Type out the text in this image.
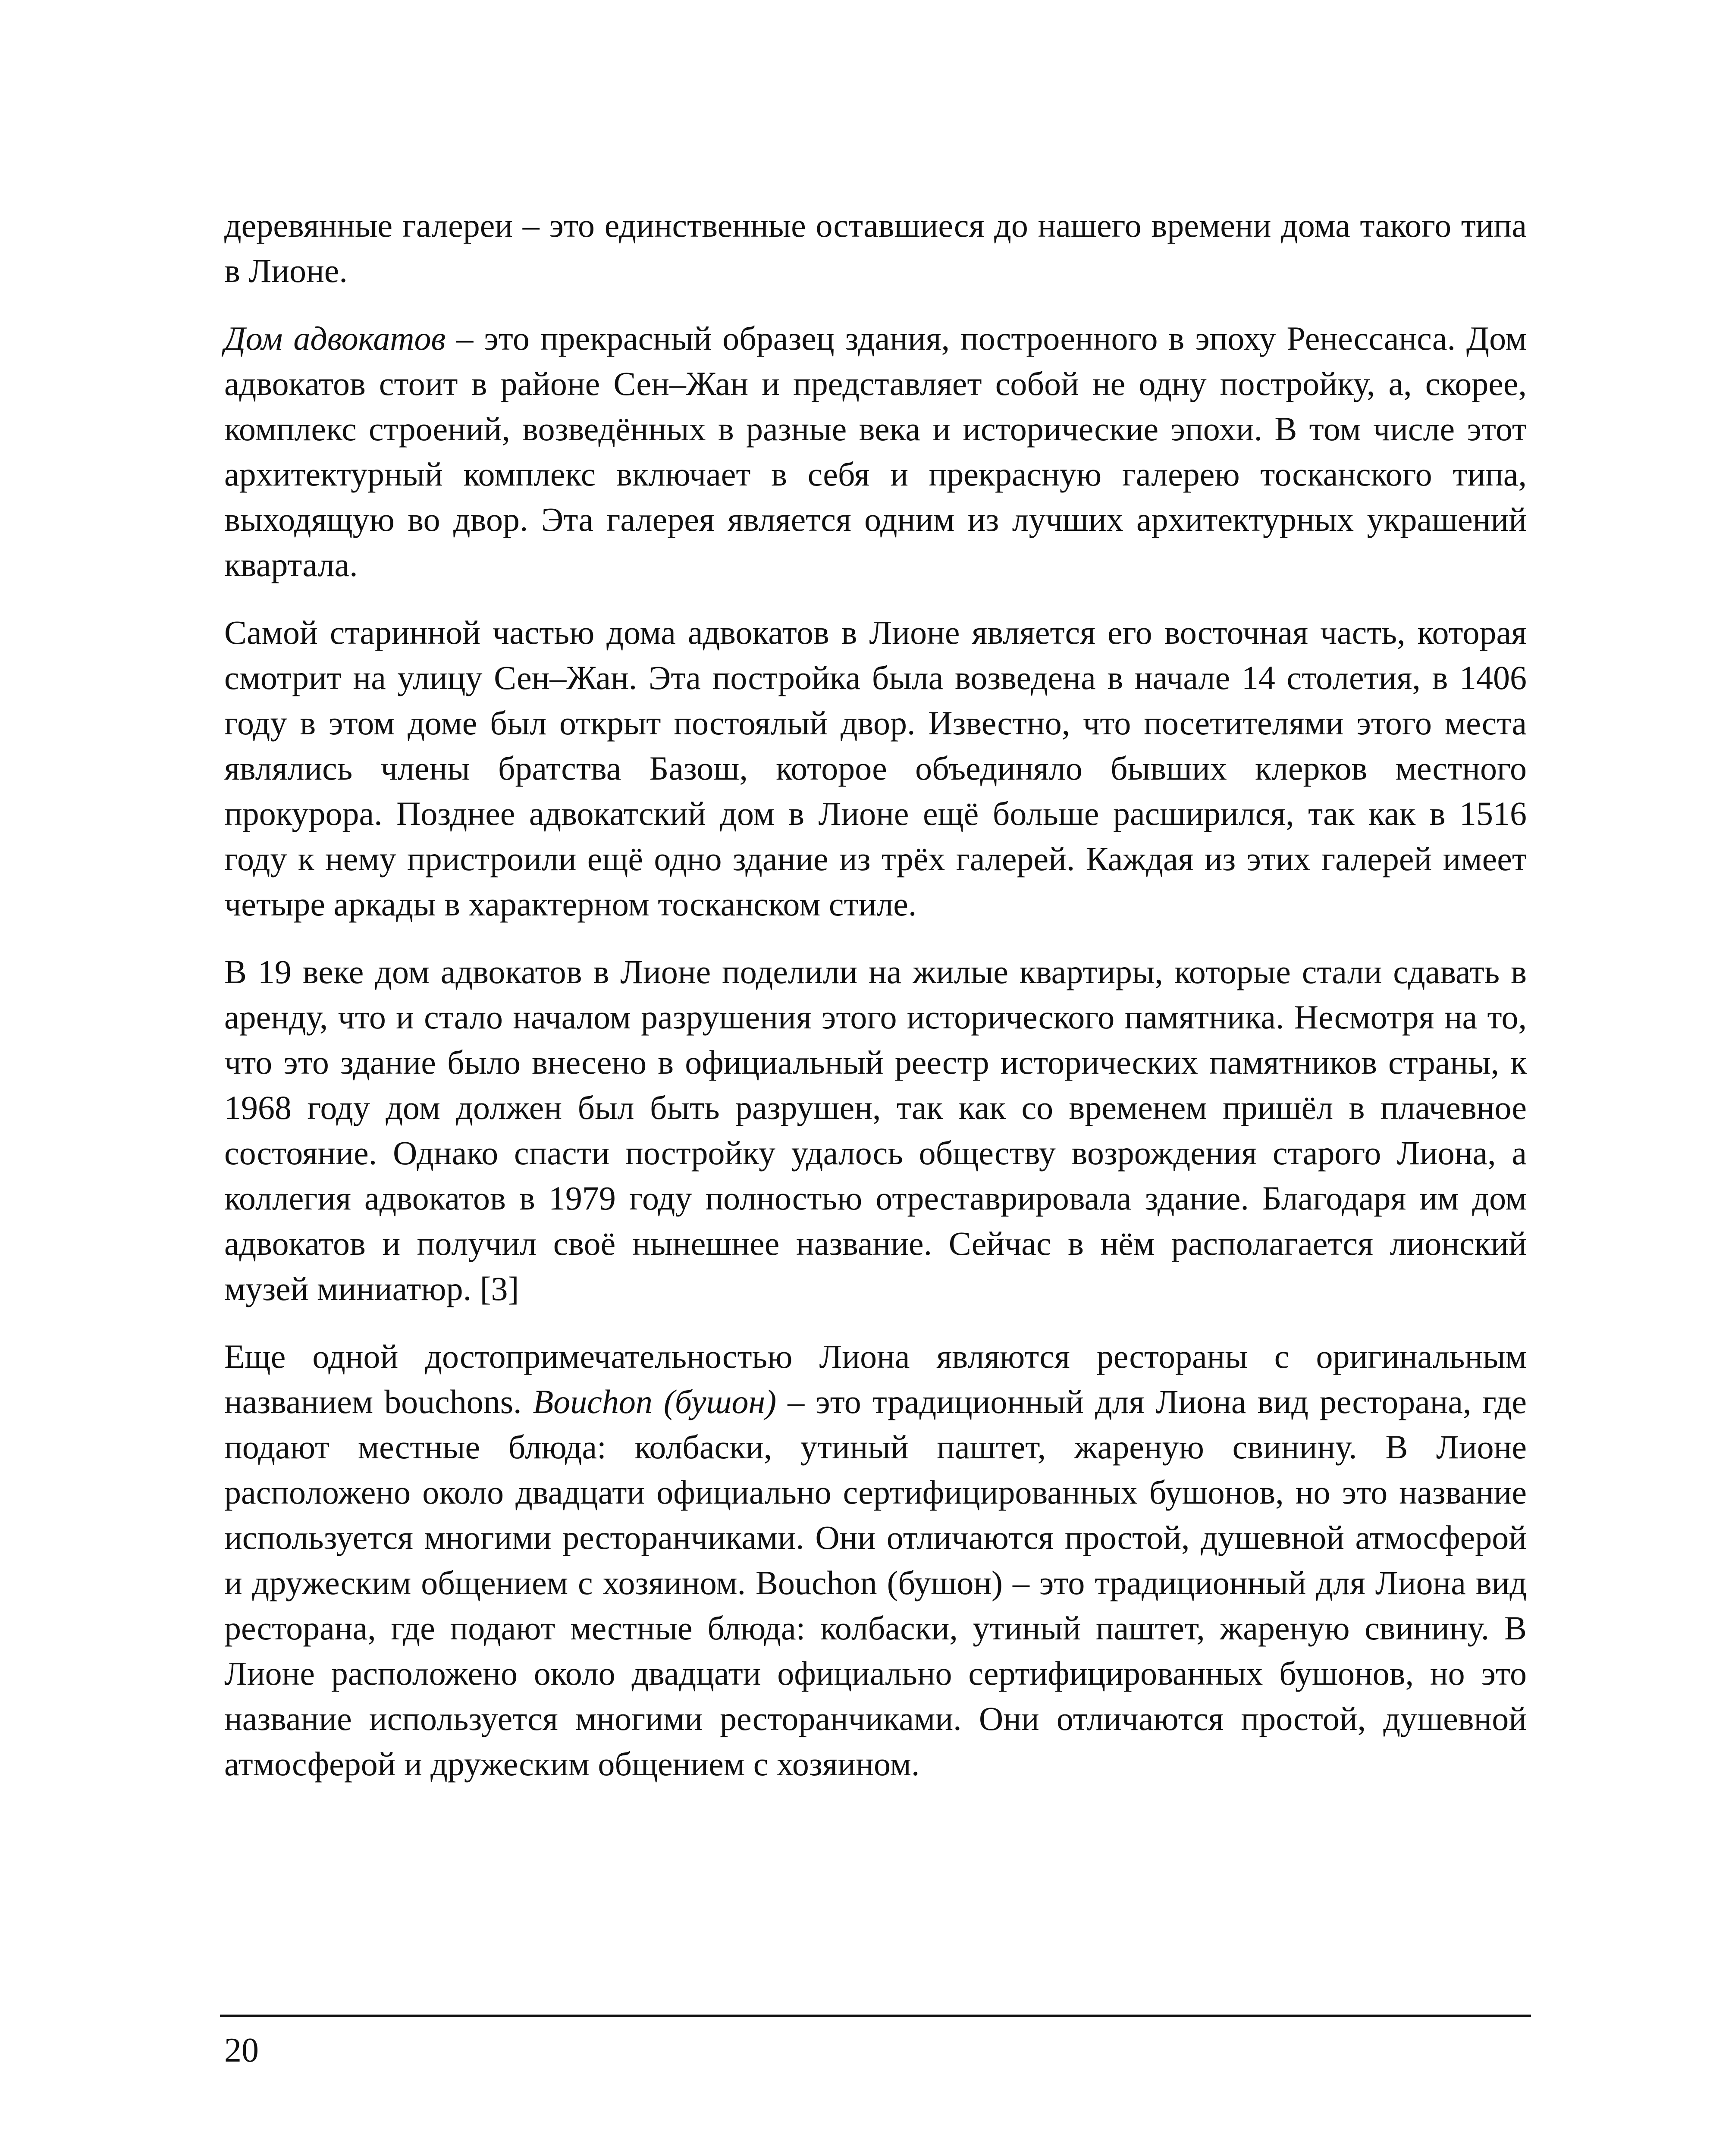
деревянные галереи – это единственные оставшиеся до нашего времени дома такого типа в Лионе.

Дом адвокатов – это прекрасный образец здания, построенного в эпоху Ренессанса. Дом адвокатов стоит в районе Сен–Жан и представляет собой не одну постройку, а, скорее, комплекс строений, возведённых в разные века и исторические эпохи. В том числе этот архитектурный комплекс включает в себя и прекрасную галерею тосканского типа, выходящую во двор. Эта галерея является одним из лучших архитектурных украшений квартала.

Самой старинной частью дома адвокатов в Лионе является его восточная часть, которая смотрит на улицу Сен–Жан. Эта постройка была возведена в начале 14 столетия, в 1406 году в этом доме был открыт постоялый двор. Известно, что посетителями этого места являлись члены братства Базош, которое объединяло бывших клерков местного прокурора. Позднее адвокатский дом в Лионе ещё больше расширился, так как в 1516 году к нему пристроили ещё одно здание из трёх галерей. Каждая из этих галерей имеет четыре аркады в характерном тосканском стиле.

В 19 веке дом адвокатов в Лионе поделили на жилые квартиры, которые стали сдавать в аренду, что и стало началом разрушения этого исторического памятника. Несмотря на то, что это здание было внесено в официальный реестр исторических памятников страны, к 1968 году дом должен был быть разрушен, так как со временем пришёл в плачевное состояние. Однако спасти постройку удалось обществу возрождения старого Лиона, а коллегия адвокатов в 1979 году полностью отреставрировала здание. Благодаря им дом адвокатов и получил своё нынешнее название. Сейчас в нём располагается лионский музей миниатюр. [3]

Еще одной достопримечательностью Лиона являются рестораны с оригинальным названием bouchons. Bouchon (бушон) – это традиционный для Лиона вид ресторана, где подают местные блюда: колбаски, утиный паштет, жареную свинину. В Лионе расположено около двадцати официально сертифицированных бушонов, но это название используется многими ресторанчиками. Они отличаются простой, душевной атмосферой и дружеским общением с хозяином. Bouchon (бушон) – это традиционный для Лиона вид ресторана, где подают местные блюда: колбаски, утиный паштет, жареную свинину. В Лионе расположено около двадцати официально сертифицированных бушонов, но это название используется многими ресторанчиками. Они отличаются простой, душевной атмосферой и дружеским общением с хозяином.

20
